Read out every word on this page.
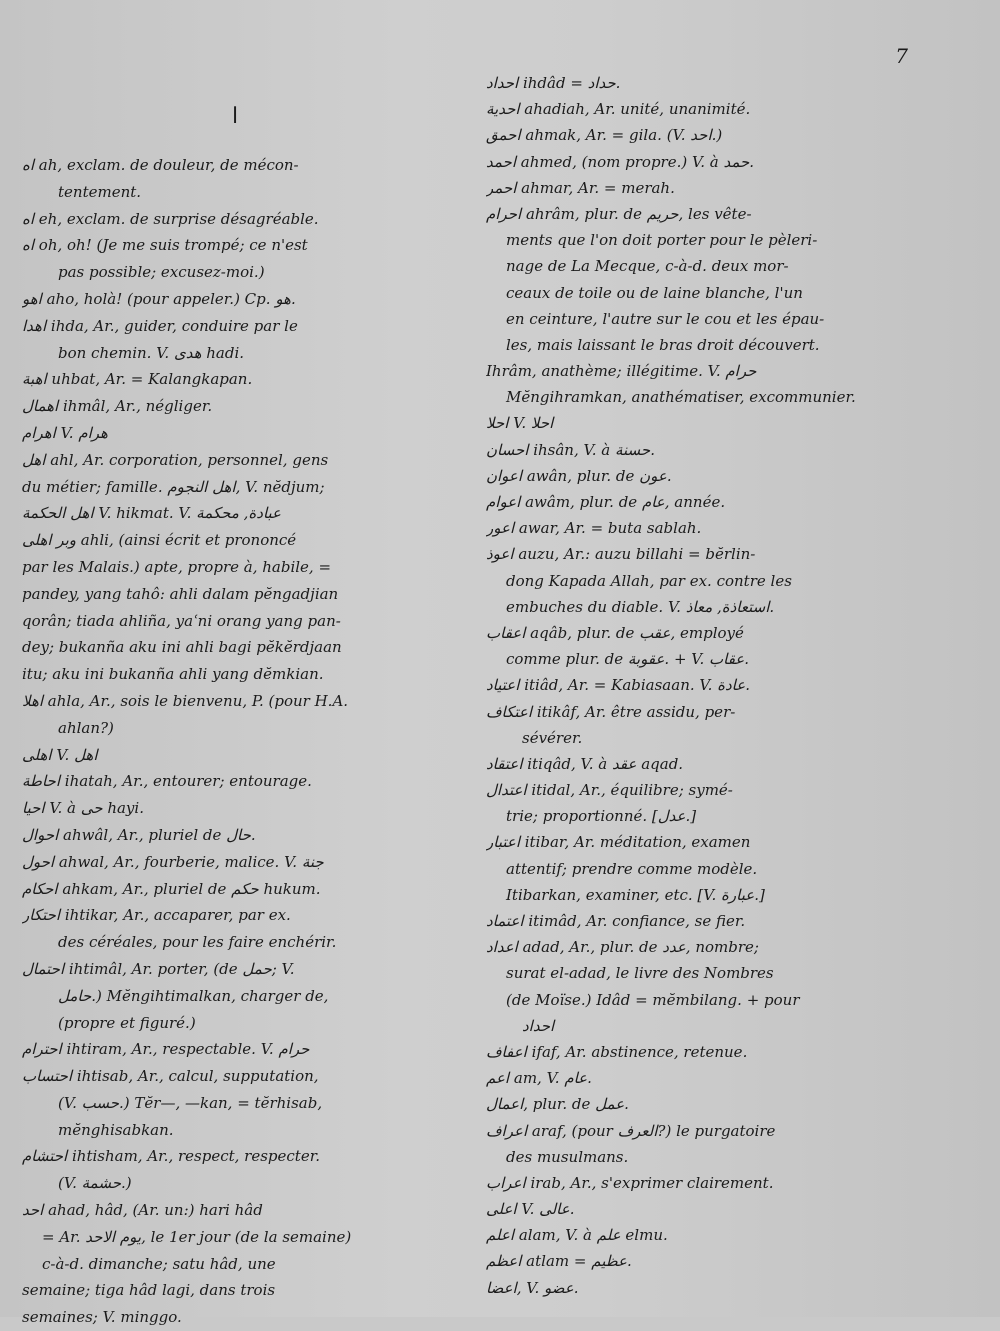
7
ا
اه ah, exclam. de douleur, de mécon-
tentement.
اه eh, exclam. de surprise désagréable.
اه oh, oh! (Je me suis trompé; ce n'est
pas possible; excusez-moi.)
اهو aho, holà! (pour appeler.) Cp. هو.
اهدا ihda, Ar., guider, conduire par le
bon chemin. V. هدى hadi.
اهبة uhbat, Ar. = Kalangkapan.
اهمال ihmâl, Ar., négliger.
اهرام V. هرام
اهل ahl, Ar. corporation, personnel, gens
du métier; famille. اهل النجوم, V. nĕdjum;
اهل الحكمة V. hikmat. V. عبادة, محكمة
وبر اهلى ahli, (ainsi écrit et prononcé
par les Malais.) apte, propre à, habile, =
pandey, yang tahô: ahli dalam pĕngadjian
qorân; tiada ahliña, yaʿni orang yang pan-
dey; bukanña aku ini ahli bagi pĕkĕrdjaan
itu; aku ini bukanña ahli yang dĕmkian.
اهلا ahla, Ar., sois le bienvenu, P. (pour H.A.
ahlan?)
اهلى V. اهل
احاطة ihatah, Ar., entourer; entourage.
احيا V. à حى hayi.
احوال ahwâl, Ar., pluriel de حال.
احول ahwal, Ar., fourberie, malice. V. جنة
احكام ahkam, Ar., pluriel de حكم hukum.
احتكار ihtikar, Ar., accaparer, par ex.
des céréales, pour les faire enchérir.
احتمال ihtimâl, Ar. porter, (de حمل; V.
حامل.) Mĕngihtimalkan, charger de,
(propre et figuré.)
احترام ihtiram, Ar., respectable. V. حرام
احتساب ihtisab, Ar., calcul, supputation,
(V. حسب.) Tĕr—, —kan, = tĕrhisab,
mĕnghisabkan.
احتشام ihtisham, Ar., respect, respecter.
(V. حشمة.)
احد ahad, hâd, (Ar. un:) hari hâd
= Ar. يوم الاحد, le 1er jour (de la semaine)
c-à-d. dimanche; satu hâd, une
semaine; tiga hâd lagi, dans trois
semaines; V. minggo.
احداد ihdâd = حداد.
احدية ahadiah, Ar. unité, unanimité.
احمق ahmak, Ar. = gila. (V. احد.)
احمد ahmed, (nom propre.) V. à حمد.
احمر ahmar, Ar. = merah.
احرام ahrâm, plur. de حريم, les vête-
ments que l'on doit porter pour le pèleri-
nage de La Mecque, c-à-d. deux mor-
ceaux de toile ou de laine blanche, l'un
en ceinture, l'autre sur le cou et les épau-
les, mais laissant le bras droit découvert.
Ihrâm, anathème; illégitime. V. حرام
Mĕngihramkan, anathématiser, excommunier.
احلا V. احلا
احسان ihsân, V. à حسنة.
اعوان awân, plur. de عون.
اعوام awâm, plur. de عام, année.
اعور awar, Ar. = buta sablah.
اعوذ auzu, Ar.: auzu billahi = bĕrlin-
dong Kapada Allah, par ex. contre les
embuches du diable. V. استعاذة, معاذ.
اعقاب aqâb, plur. de عقب, employé
comme plur. de عقوبة. + V. عقاب.
اعتياد itiâd, Ar. = Kabiasaan. V. عادة.
اعتكاف itikâf, Ar. être assidu, per-
sévérer.
اعتقاد itiqâd, V. à عقد aqad.
اعتدال itidal, Ar., équilibre; symé-
trie; proportionné. [عدل.]
اعتبار itibar, Ar. méditation, examen
attentif; prendre comme modèle.
Itibarkan, examiner, etc. [V. عبارة.]
اعتماد itimâd, Ar. confiance, se fier.
اعداد adad, Ar., plur. de عدد, nombre;
surat el-adad, le livre des Nombres
(de Moïse.) Idâd = mĕmbilang. + pour
احداد
اعفاف ifaf, Ar. abstinence, retenue.
اعم am, V. عام.
اعمال, plur. de عمل.
اعراف araf, (pour العرف?) le purgatoire
des musulmans.
اعراب irab, Ar., s'exprimer clairement.
اعلى V. عالى.
اعلم alam, V. à علم elmu.
اعظم atlam = عظيم.
اعضا, V. عضو.
